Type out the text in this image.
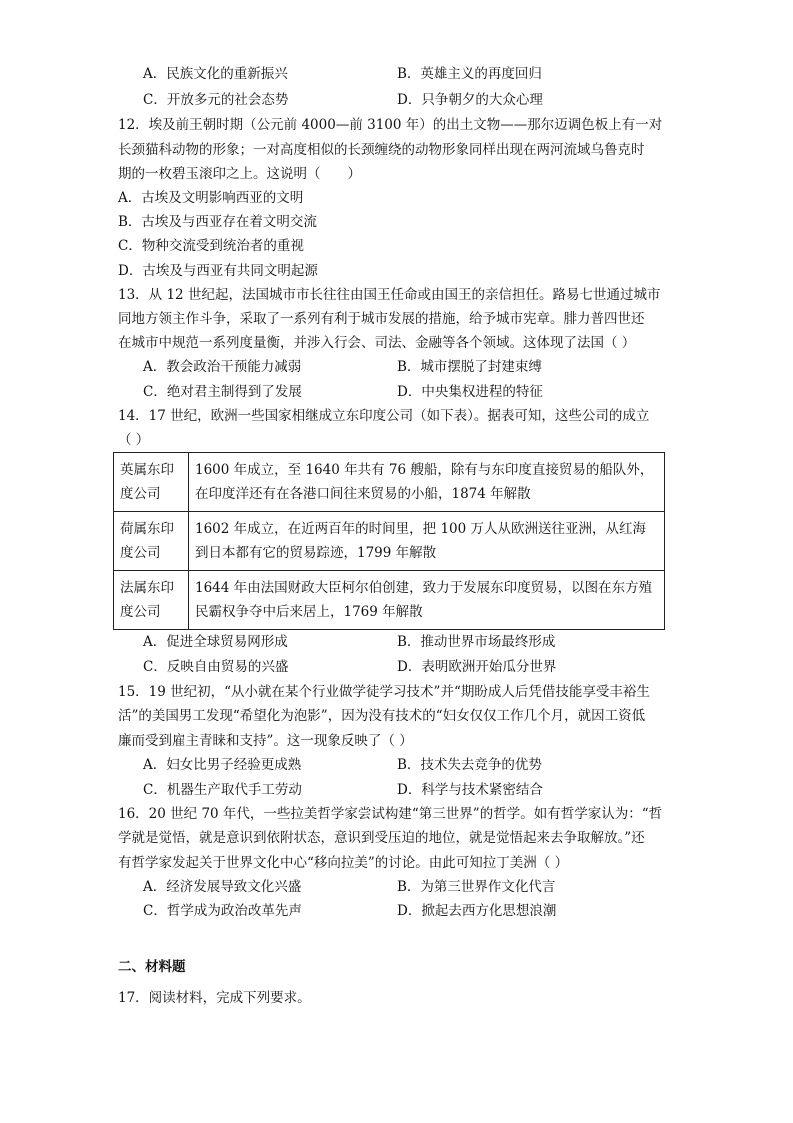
A．民族文化的重新振兴	B．英雄主义的再度回归
C．开放多元的社会态势	D．只争朝夕的大众心理
12．埃及前王朝时期（公元前 4000—前 3100 年）的出土文物——那尔迈调色板上有一对
长颈猫科动物的形象；一对高度相似的长颈缠绕的动物形象同样出现在两河流域乌鲁克时
期的一枚碧玉滚印之上。这说明（　　）
A．古埃及文明影响西亚的文明
B．古埃及与西亚存在着文明交流
C．物种交流受到统治者的重视
D．古埃及与西亚有共同文明起源
13．从 12 世纪起，法国城市市长往往由国王任命或由国王的亲信担任。路易七世通过城市
同地方领主作斗争，采取了一系列有利于城市发展的措施，给予城市宪章。腓力普四世还
在城市中规范一系列度量衡，并涉入行会、司法、金融等各个领域。这体现了法国（ ）
A．教会政治干预能力减弱	B．城市摆脱了封建束缚
C．绝对君主制得到了发展	D．中央集权进程的特征
14．17 世纪，欧洲一些国家相继成立东印度公司（如下表）。据表可知，这些公司的成立
（ ）
英属东印度公司	1600 年成立，至 1640 年共有 76 艘船，除有与东印度直接贸易的船队外，在印度洋还有在各港口间往来贸易的小船，1874 年解散
荷属东印度公司	1602 年成立，在近两百年的时间里，把 100 万人从欧洲送往亚洲，从红海到日本都有它的贸易踪迹，1799 年解散
法属东印度公司	1644 年由法国财政大臣柯尔伯创建，致力于发展东印度贸易，以图在东方殖民霸权争夺中后来居上，1769 年解散
A．促进全球贸易网形成	B．推动世界市场最终形成
C．反映自由贸易的兴盛	D．表明欧洲开始瓜分世界
15．19 世纪初，“从小就在某个行业做学徒学习技术”并“期盼成人后凭借技能享受丰裕生
活”的美国男工发现“希望化为泡影”，因为没有技术的“妇女仅仅工作几个月，就因工资低
廉而受到雇主青睐和支持”。这一现象反映了（ ）
A．妇女比男子经验更成熟	B．技术失去竞争的优势
C．机器生产取代手工劳动	D．科学与技术紧密结合
16．20 世纪 70 年代，一些拉美哲学家尝试构建“第三世界”的哲学。如有哲学家认为：“哲
学就是觉悟，就是意识到依附状态，意识到受压迫的地位，就是觉悟起来去争取解放。”还
有哲学家发起关于世界文化中心“移向拉美”的讨论。由此可知拉丁美洲（ ）
A．经济发展导致文化兴盛	B．为第三世界作文化代言
C．哲学成为政治改革先声	D．掀起去西方化思想浪潮
二、材料题
17．阅读材料，完成下列要求。
